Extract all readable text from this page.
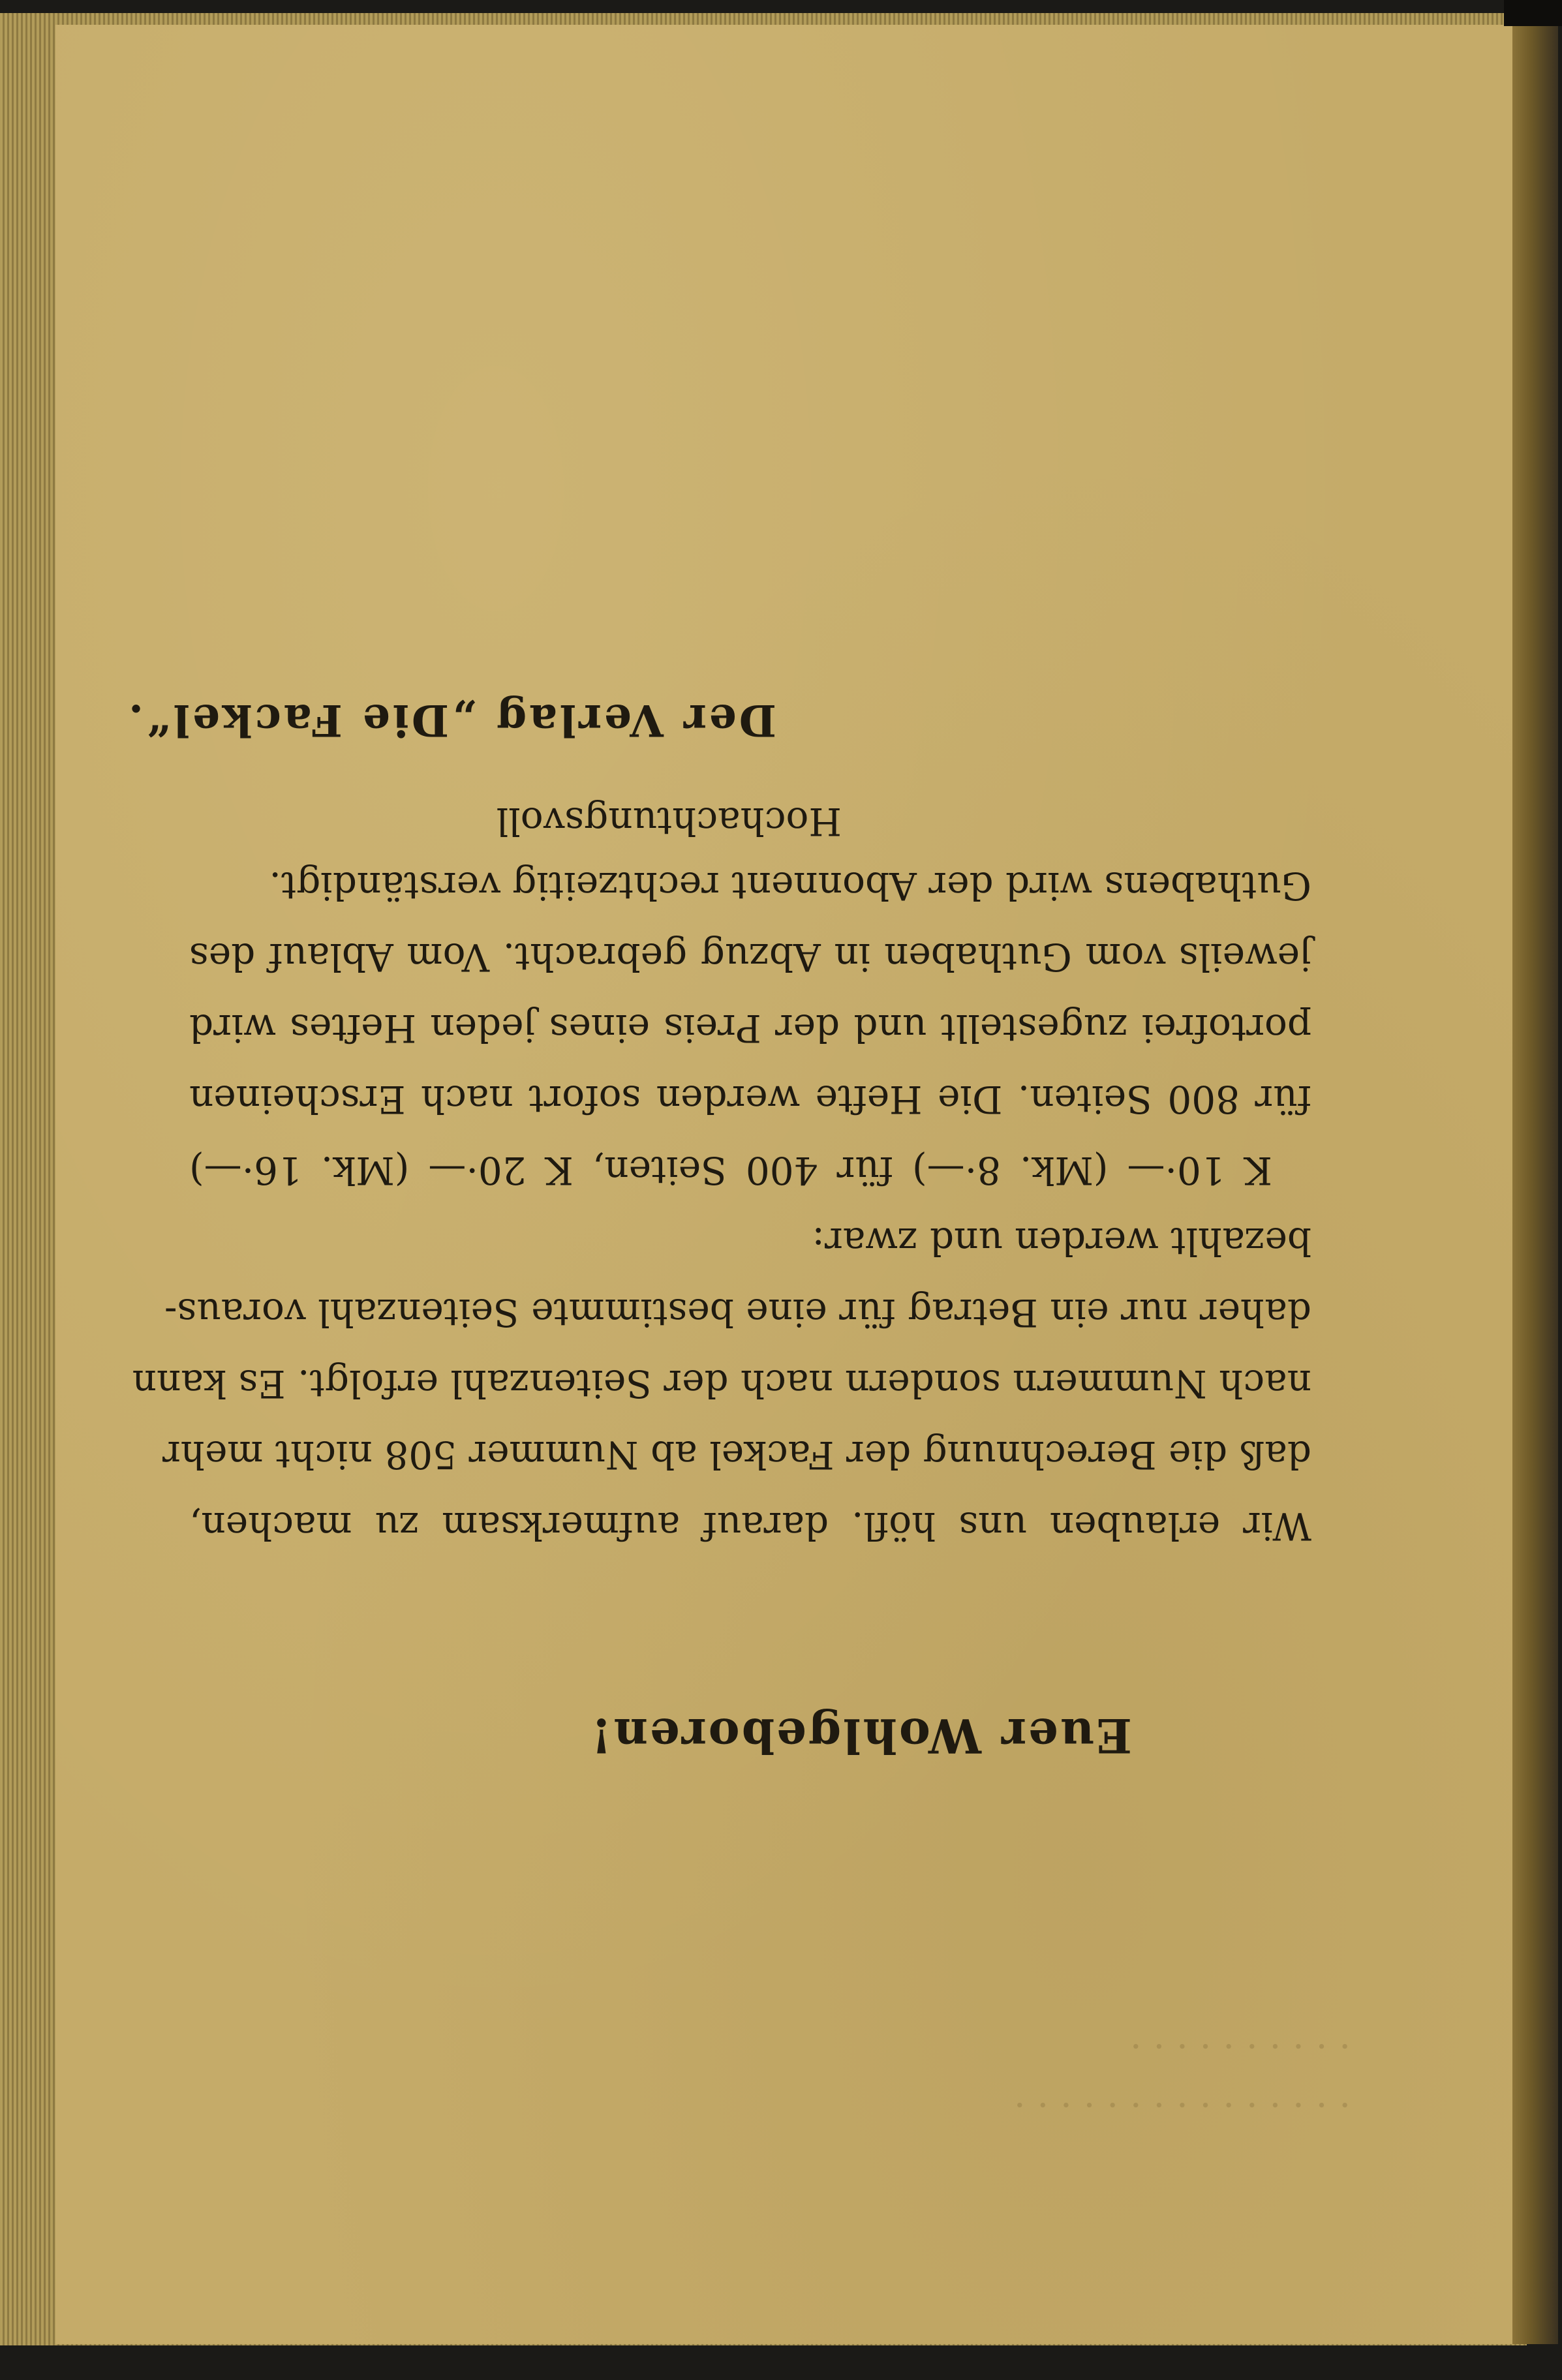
· · · · · · · · · · · · · · ·
· · · · · · · · · ·
Euer Wohlgeboren!

Wir erlauben uns höfl. darauf aufmerksam zu machen,
daß die Berechnung der Fackel ab Nummer 508 nicht mehr
nach Nummern sondern nach der Seitenzahl erfolgt. Es kann
daher nur ein Betrag für eine bestimmte Seitenzahl voraus-
bezahlt werden und zwar:
K 10·— (Mk. 8·—) für 400 Seiten, K 20·— (Mk. 16·—)
für 800 Seiten. Die Hefte werden sofort nach Erscheinen
portofrei zugestellt und der Preis eines jeden Heftes wird
jeweils vom Guthaben in Abzug gebracht. Vom Ablauf des
Guthabens wird der Abonnent rechtzeitig verständigt.

Hochachtungsvoll

Der Verlag „Die Fackel“.
